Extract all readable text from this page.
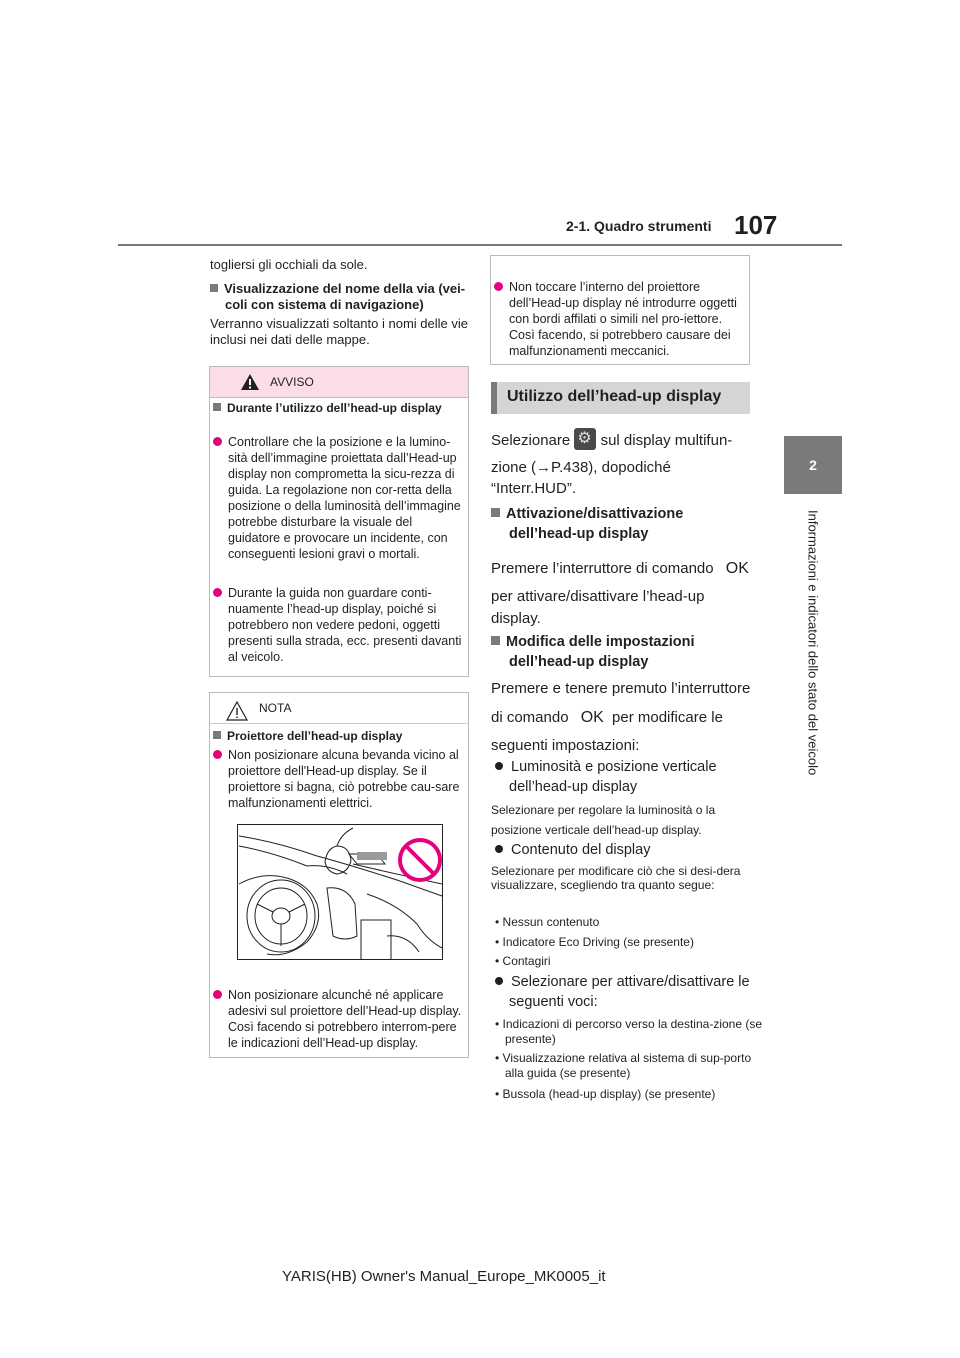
2-1. Quadro strumenti 107
2
Informazioni e indicatori dello stato del veicolo
togliersi gli occhiali da sole.
Visualizzazione del nome della via (vei-coli con sistema di navigazione)
Verranno visualizzati soltanto i nomi delle vie inclusi nei dati delle mappe.
AVVISO
Durante l’utilizzo dell’head-up display
Controllare che la posizione e la lumino-sità dell’immagine proiettata dall’Head-up display non comprometta la sicu-rezza di guida. La regolazione non cor-retta della posizione o della luminosità dell’immagine potrebbe disturbare la visuale del guidatore e provocare un incidente, con conseguenti lesioni gravi o mortali.
Durante la guida non guardare conti-nuamente l’head-up display, poiché si potrebbero non vedere pedoni, oggetti presenti sulla strada, ecc. presenti davanti al veicolo.
NOTA
Proiettore dell’head-up display
Non posizionare alcuna bevanda vicino al proiettore dell'Head-up display. Se il proiettore si bagna, ciò potrebbe cau-sare malfunzionamenti elettrici.

Non posizionare alcunché né applicare adesivi sul proiettore dell’Head-up display.
Così facendo si potrebbero interrom-pere le indicazioni dell’Head-up display.

Non toccare l’interno del proiettore dell’Head-up display né introdurre oggetti con bordi affilati o simili nel pro-iettore.
Così facendo, si potrebbero causare dei malfunzionamenti meccanici.

Utilizzo dell’head-up display
Selezionare ⚙ sul display multifun-
zione (→P.438), dopodiché
“Interr.HUD”.
Attivazione/disattivazione dell’head-up display
Premere l’interruttore di comando OK
per attivare/disattivare l’head-up
display.
Modifica delle impostazioni dell’head-up display
Premere e tenere premuto l’interruttore
di comando OK per modificare le
seguenti impostazioni:
Luminosità e posizione verticale dell’head-up display
Selezionare per regolare la luminosità o la posizione verticale dell’head-up display.
Contenuto del display
Selezionare per modificare ciò che si desi-dera visualizzare, scegliendo tra quanto segue:
• Nessun contenuto
• Indicatore Eco Driving (se presente)
• Contagiri
Selezionare per attivare/disattivare le seguenti voci:
• Indicazioni di percorso verso la destina-zione (se presente)
• Visualizzazione relativa al sistema di sup-porto alla guida (se presente)
• Bussola (head-up display) (se presente)
YARIS(HB) Owner's Manual_Europe_MK0005_it
